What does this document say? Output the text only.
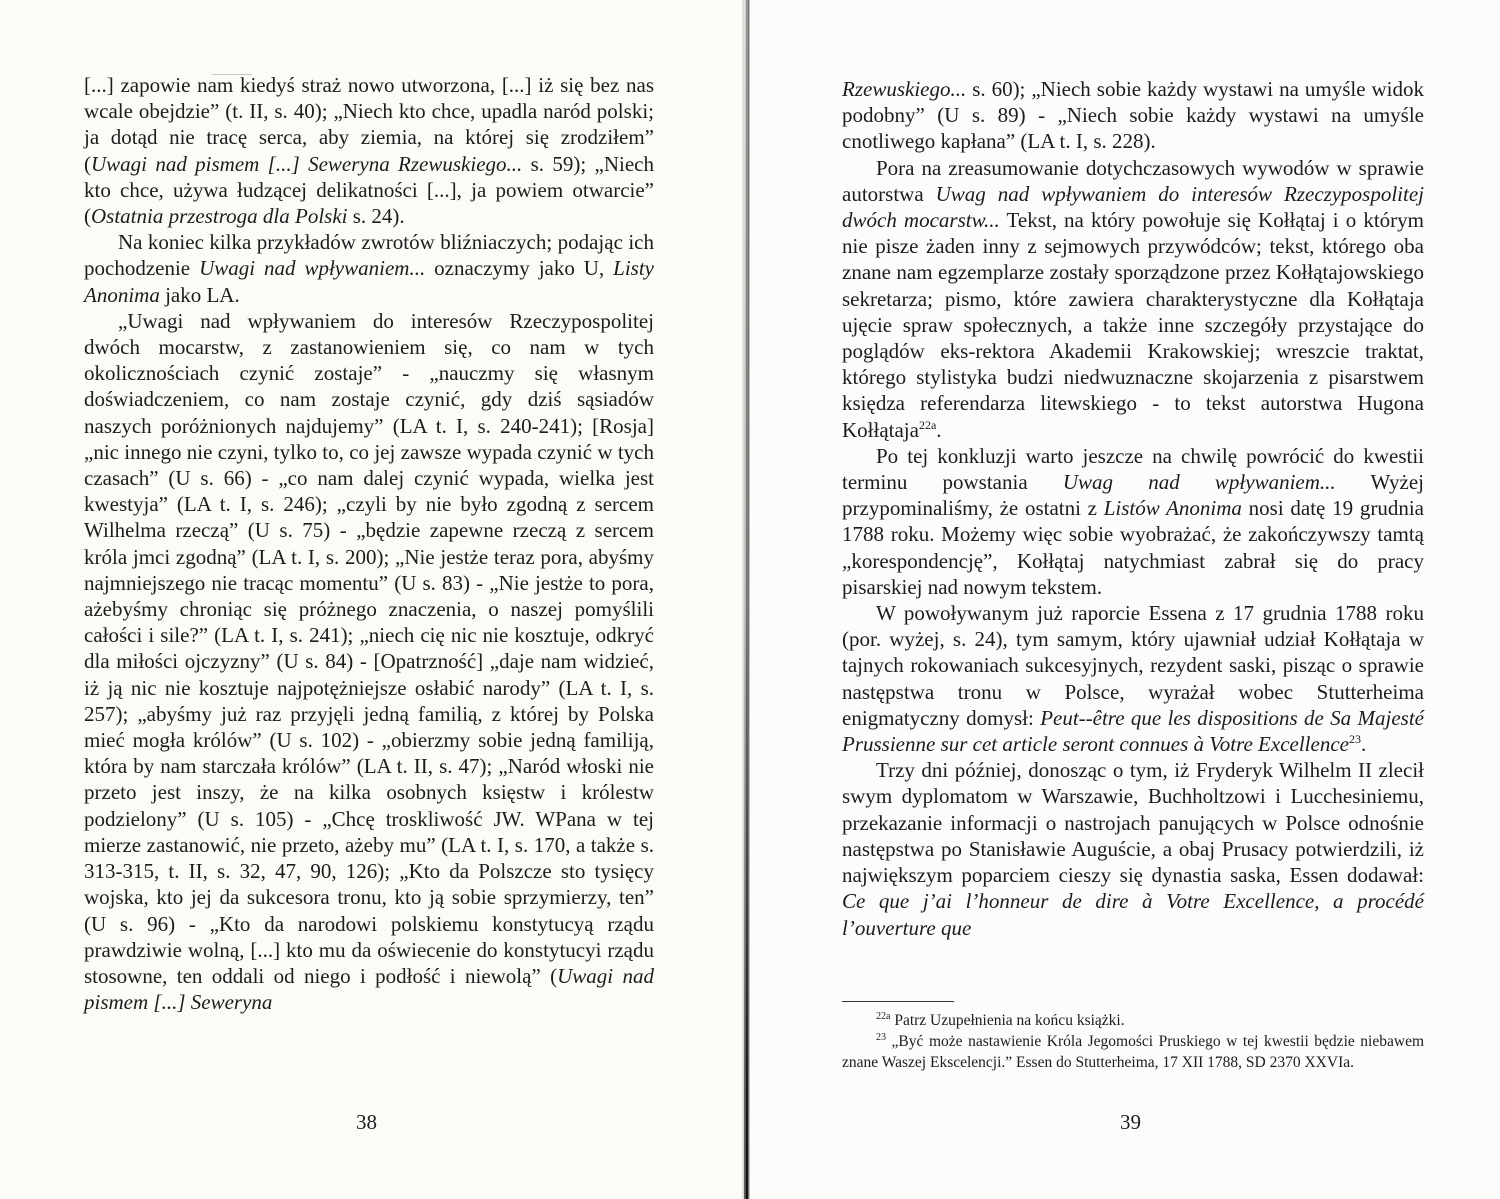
[...] zapowie nam kiedyś straż nowo utworzona, [...] iż się bez nas wcale obejdzie” (t. II, s. 40); „Niech kto chce, upadla naród polski; ja dotąd nie tracę serca, aby ziemia, na której się zrodziłem” (Uwagi nad pismem [...] Seweryna Rzewuskiego... s. 59); „Niech kto chce, używa łudzącej delikatności [...], ja powiem otwarcie” (Ostatnia przestroga dla Polski s. 24).

Na koniec kilka przykładów zwrotów bliźniaczych; podając ich pochodzenie Uwagi nad wpływaniem... oznaczymy jako U, Listy Anonima jako LA.

„Uwagi nad wpływaniem do interesów Rzeczypospolitej dwóch mocarstw, z zastanowieniem się, co nam w tych okolicznościach czynić zostaje” - „nauczmy się własnym doświadczeniem, co nam zostaje czynić, gdy dziś sąsiadów naszych poróżnionych najdujemy” (LA t. I, s. 240-241); [Rosja] „nic innego nie czyni, tylko to, co jej zawsze wypada czynić w tych czasach” (U s. 66) - „co nam dalej czynić wypada, wielka jest kwestyja” (LA t. I, s. 246); „czyli by nie było zgodną z sercem Wilhelma rzeczą” (U s. 75) - „będzie zapewne rzeczą z sercem króla jmci zgodną” (LA t. I, s. 200); „Nie jestże teraz pora, abyśmy najmniejszego nie tracąc momentu” (U s. 83) - „Nie jestże to pora, ażebyśmy chroniąc się próżnego znaczenia, o naszej pomyślili całości i sile?” (LA t. I, s. 241); „niech cię nic nie kosztuje, odkryć dla miłości ojczyzny” (U s. 84) - [Opatrzność] „daje nam widzieć, iż ją nic nie kosztuje najpotężniejsze osłabić narody” (LA t. I, s. 257); „abyśmy już raz przyjęli jedną familią, z której by Polska mieć mogła królów” (U s. 102) - „obierzmy sobie jedną familiją, która by nam starczała królów” (LA t. II, s. 47); „Naród włoski nie przeto jest inszy, że na kilka osobnych księstw i królestw podzielony” (U s. 105) - „Chcę troskliwość JW. WPana w tej mierze zastanowić, nie przeto, ażeby mu” (LA t. I, s. 170, a także s. 313-315, t. II, s. 32, 47, 90, 126); „Kto da Polszcze sto tysięcy wojska, kto jej da sukcesora tronu, kto ją sobie sprzymierzy, ten” (U s. 96) - „Kto da narodowi polskiemu konstytucyą rządu prawdziwie wolną, [...] kto mu da oświecenie do konstytucyi rządu stosowne, ten oddali od niego i podłość i niewolą” (Uwagi nad pismem [...] Seweryna

38	39

Rzewuskiego... s. 60); „Niech sobie każdy wystawi na umyśle widok podobny” (U s. 89) - „Niech sobie każdy wystawi na umyśle cnotliwego kapłana” (LA t. I, s. 228).

Pora na zreasumowanie dotychczasowych wywodów w sprawie autorstwa Uwag nad wpływaniem do interesów Rzeczypospolitej dwóch mocarstw... Tekst, na który powołuje się Kołłątaj i o którym nie pisze żaden inny z sejmowych przywódców; tekst, którego oba znane nam egzemplarze zostały sporządzone przez Kołłątajowskiego sekretarza; pismo, które zawiera charakterystyczne dla Kołłątaja ujęcie spraw społecznych, a także inne szczegóły przystające do poglądów eks-rektora Akademii Krakowskiej; wreszcie traktat, którego stylistyka budzi niedwuznaczne skojarzenia z pisarstwem księdza referendarza litewskiego - to tekst autorstwa Hugona Kołłątaja$^{22a}$.

Po tej konkluzji warto jeszcze na chwilę powrócić do kwestii terminu powstania Uwag nad wpływaniem... Wyżej przypominaliśmy, że ostatni z Listów Anonima nosi datę 19 grudnia 1788 roku. Możemy więc sobie wyobrażać, że zakończywszy tamtą „korespondencję”, Kołłątaj natychmiast zabrał się do pracy pisarskiej nad nowym tekstem.

W powoływanym już raporcie Essena z 17 grudnia 1788 roku (por. wyżej, s. 24), tym samym, który ujawniał udział Kołłątaja w tajnych rokowaniach sukcesyjnych, rezydent saski, pisząc o sprawie następstwa tronu w Polsce, wyrażał wobec Stutterheima enigmatyczny domysł: Peut--être que les dispositions de Sa Majesté Prussienne sur cet article seront connues à Votre Excellence$^{23}$.

Trzy dni później, donosząc o tym, iż Fryderyk Wilhelm II zlecił swym dyplomatom w Warszawie, Buchholtzowi i Lucchesiniemu, przekazanie informacji o nastrojach panujących w Polsce odnośnie następstwa po Stanisławie Auguście, a obaj Prusacy potwierdzili, iż największym poparciem cieszy się dynastia saska, Essen dodawał: Ce que j’ai l’honneur de dire à Votre Excellence, a procédé l’ouverture que

$^{22a}$ Patrz Uzupełnienia na końcu książki.

$^{23}$ „Być może nastawienie Króla Jegomości Pruskiego w tej kwestii będzie niebawem znane Waszej Ekscelencji.” Essen do Stutterheima, 17 XII 1788, SD 2370 XXVIa.
